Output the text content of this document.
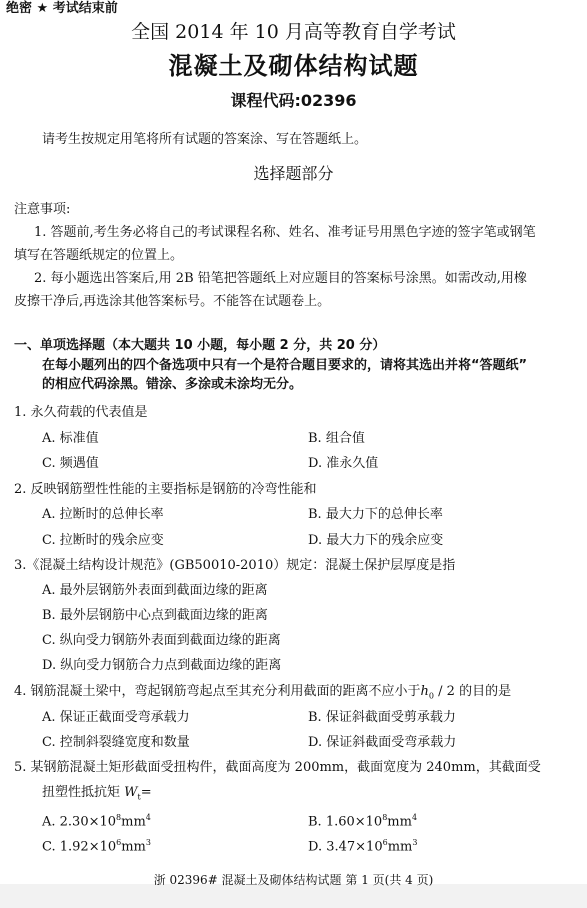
绝密 ★ 考试结束前
全国 2014 年 10 月高等教育自学考试
混凝土及砌体结构试题
课程代码:02396
请考生按规定用笔将所有试题的答案涂、写在答题纸上。
选择题部分
注意事项:
1. 答题前,考生务必将自己的考试课程名称、姓名、准考证号用黑色字迹的签字笔或钢笔
填写在答题纸规定的位置上。
2. 每小题选出答案后,用 2B 铅笔把答题纸上对应题目的答案标号涂黑。如需改动,用橡
皮擦干净后,再选涂其他答案标号。不能答在试题卷上。
一、单项选择题（本大题共 10 小题，每小题 2 分，共 20 分）
在每小题列出的四个备选项中只有一个是符合题目要求的，请将其选出并将“答题纸”
的相应代码涂黑。错涂、多涂或未涂均无分。
1. 永久荷载的代表值是
A. 标准值	B. 组合值
C. 频遇值	D. 准永久值
2. 反映钢筋塑性性能的主要指标是钢筋的冷弯性能和
A. 拉断时的总伸长率	B. 最大力下的总伸长率
C. 拉断时的残余应变	D. 最大力下的残余应变
3.《混凝土结构设计规范》(GB50010-2010）规定：混凝土保护层厚度是指
A. 最外层钢筋外表面到截面边缘的距离
B. 最外层钢筋中心点到截面边缘的距离
C. 纵向受力钢筋外表面到截面边缘的距离
D. 纵向受力钢筋合力点到截面边缘的距离
4. 钢筋混凝土梁中，弯起钢筋弯起点至其充分利用截面的距离不应小于$h_0 / 2$ 的目的是
A. 保证正截面受弯承载力	B. 保证斜截面受剪承载力
C. 控制斜裂缝宽度和数量	D. 保证斜截面受弯承载力
5. 某钢筋混凝土矩形截面受扭构件，截面高度为 200mm，截面宽度为 240mm，其截面受
扭塑性抵抗矩 $W_t=$
A. $2.30\times 10^8mm^4$	B. $1.60\times 10^8mm^4$
C. $1.92\times 10^6mm^3$	D. $3.47\times 10^6mm^3$
浙 02396# 混凝土及砌体结构试题 第 1 页(共 4 页)
